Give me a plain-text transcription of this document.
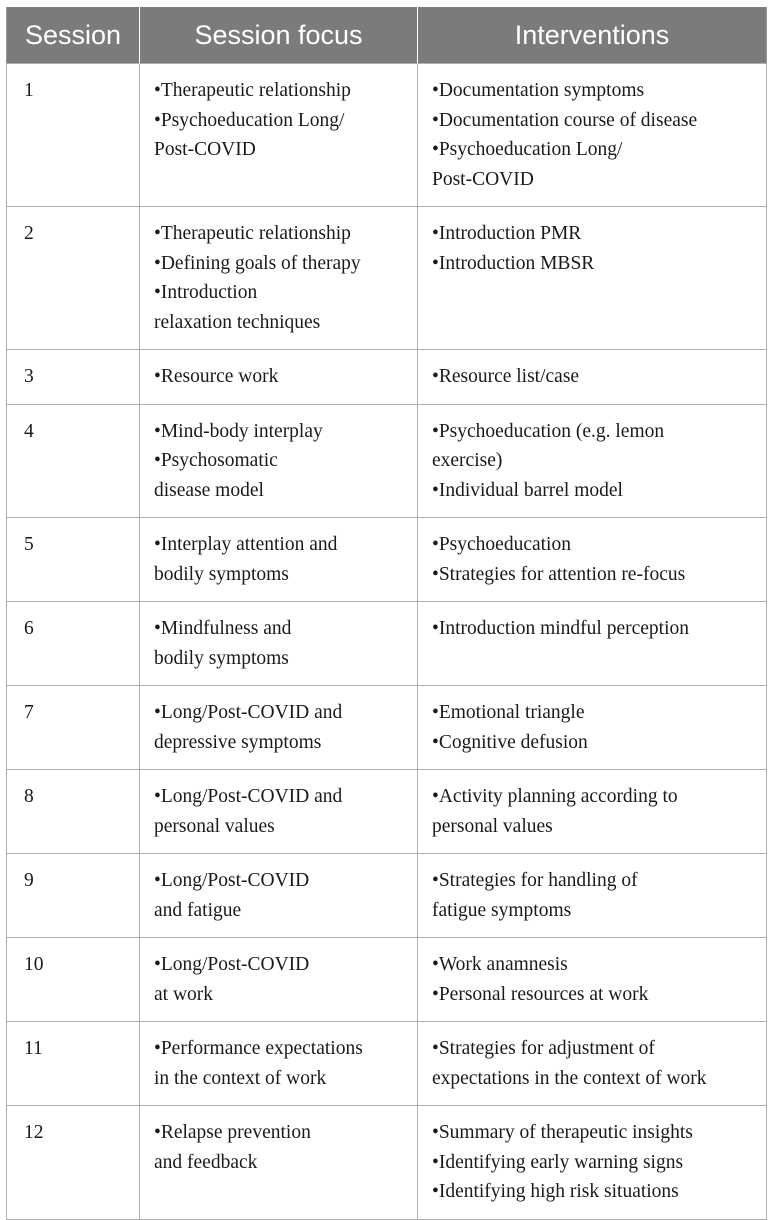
Session	Session focus	Interventions
1	•Therapeutic relationship
•Psychoeducation Long/
Post-COVID	•Documentation symptoms
•Documentation course of disease
•Psychoeducation Long/
Post-COVID

2	•Therapeutic relationship
•Defining goals of therapy
•Introduction
relaxation techniques	•Introduction PMR
•Introduction MBSR

3	•Resource work	•Resource list/case

4	•Mind-body interplay
•Psychosomatic
disease model	•Psychoeducation (e.g. lemon
exercise)
•Individual barrel model

5	•Interplay attention and
bodily symptoms	•Psychoeducation
•Strategies for attention re-focus

6	•Mindfulness and
bodily symptoms	•Introduction mindful perception

7	•Long/Post-COVID and
depressive symptoms	•Emotional triangle
•Cognitive defusion

8	•Long/Post-COVID and
personal values	•Activity planning according to
personal values

9	•Long/Post-COVID
and fatigue	•Strategies for handling of
fatigue symptoms

10	•Long/Post-COVID
at work	•Work anamnesis
•Personal resources at work

11	•Performance expectations
in the context of work	•Strategies for adjustment of
expectations in the context of work

12	•Relapse prevention
and feedback	•Summary of therapeutic insights
•Identifying early warning signs
•Identifying high risk situations
